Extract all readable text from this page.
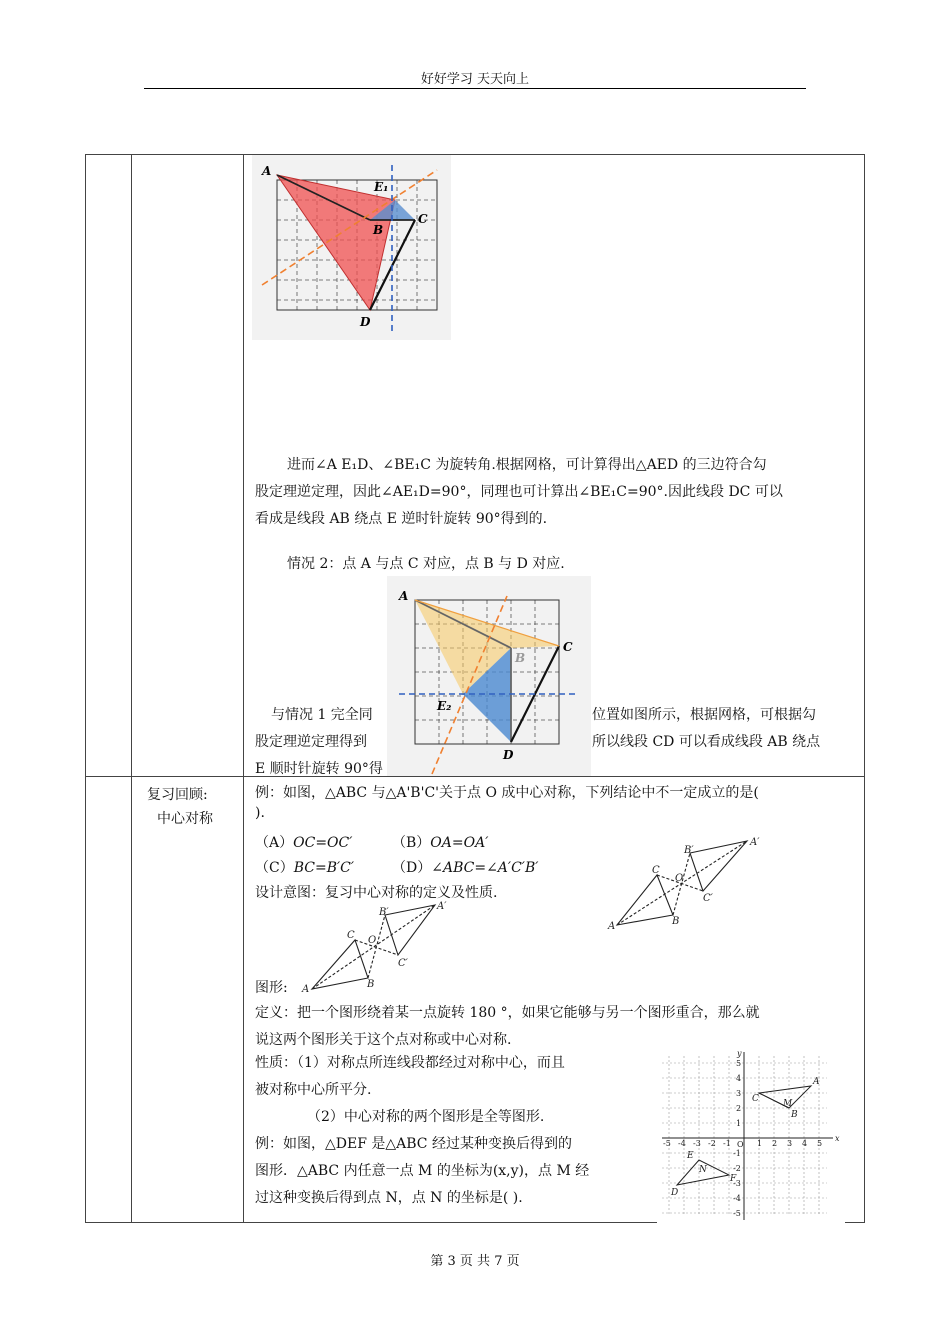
好好学习 天天向上
A
E₁
B
C
D
进而∠A E₁D、∠BE₁C 为旋转角.根据网格，可计算得出△AED 的三边符合勾
股定理逆定理，因此∠AE₁D=90°，同理也可计算出∠BE₁C=90°.因此线段 DC 可以
看成是线段 AB 绕点 E 逆时针旋转 90°得到的.
情况 2：点 A 与点 C 对应，点 B 与 D 对应.
与情况 1 完全同
股定理逆定理得到
E 顺时针旋转 90°得
位置如图所示，根据网格，可根据勾
所以线段 CD 可以看成线段 AB 绕点
A
B
C
E₂
D
复习回顾:
中心对称
例：如图，△ABC 与△A'B'C'关于点 O 成中心对称，下列结论中不一定成立的是(
).
（A）OC=OC′	（B）OA=OA′
（C）BC=B′C′	（D）∠ABC=∠A′C′B′
设计意图：复习中心对称的定义及性质.
A
C
B
O
A′
B′
C′
A
C
B
O
A′
B′
C′
图形:
定义：把一个图形绕着某一点旋转 180 °，如果它能够与另一个图形重合，那么就
说这两个图形关于这个点对称或中心对称.
性质：（1）对称点所连线段都经过对称中心，而且
被对称中心所平分.
（2）中心对称的两个图形是全等图形.
例：如图，△DEF 是△ABC 经过某种变换后得到的
图形．△ABC 内任意一点 M 的坐标为(x,y)，点 M 经
过这种变换后得到点 N，点 N 的坐标是( ).
x
y
O
-5 -4 -3 -2 -1	1 2 3 4 5
5
4
3
2
1
-1
-2
-3
-4
-5
A
B
C	M
D
E
F
N
第 3 页 共 7 页
